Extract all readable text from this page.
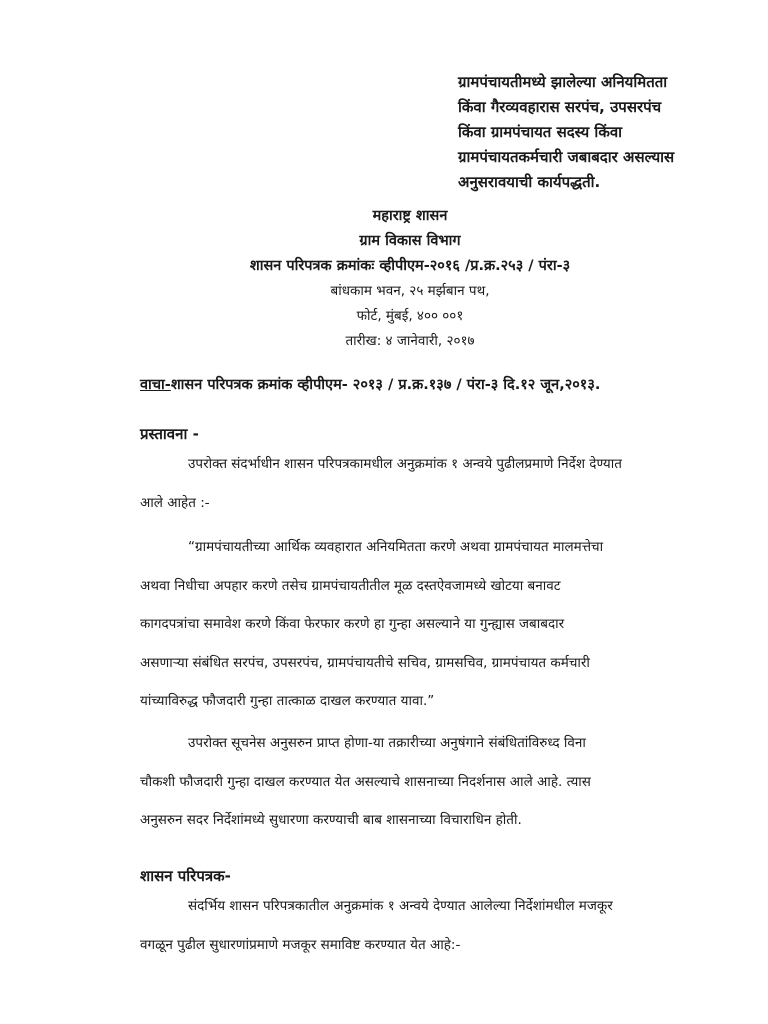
ग्रामपंचायतीमध्ये झालेल्या अनियमितता
किंवा गैरव्यवहारास सरपंच, उपसरपंच
किंवा ग्रामपंचायत सदस्य किंवा
ग्रामपंचायतकर्मचारी जबाबदार असल्यास
अनुसरावयाची कार्यपद्धती.
महाराष्ट्र शासन
ग्राम विकास विभाग
शासन परिपत्रक क्रमांकः व्हीपीएम-२०१६ /प्र.क्र.२५३ / पंरा-३
बांधकाम भवन, २५ मर्झबान पथ,
फोर्ट, मुंबई, ४०० ००१
तारीख: ४ जानेवारी, २०१७
वाचा-शासन परिपत्रक क्रमांक व्हीपीएम- २०१३ / प्र.क्र.१३७ / पंरा-३ दि.१२ जून,२०१३.
प्रस्तावना -
उपरोक्त संदर्भाधीन शासन परिपत्रकामधील अनुक्रमांक १ अन्वये पुढीलप्रमाणे निर्देश देण्यात
आले आहेत :-
“ग्रामपंचायतीच्या आर्थिक व्यवहारात अनियमितता करणे अथवा ग्रामपंचायत मालमत्तेचा
अथवा निधीचा अपहार करणे तसेच ग्रामपंचायतीतील मूळ दस्तऐवजामध्ये खोटया बनावट
कागदपत्रांचा समावेश करणे किंवा फेरफार करणे हा गुन्हा असल्याने या गुन्ह्यास जबाबदार
असणाऱ्या संबंधित सरपंच, उपसरपंच, ग्रामपंचायतीचे सचिव, ग्रामसचिव, ग्रामपंचायत कर्मचारी
यांच्याविरुद्ध फौजदारी गुन्हा तात्काळ दाखल करण्यात यावा.”
उपरोक्त सूचनेस अनुसरुन प्राप्त होणा-या तक्रारीच्या अनुषंगाने संबंधितांविरुध्द विना
चौकशी फौजदारी गुन्हा दाखल करण्यात येत असल्याचे शासनाच्या निदर्शनास आले आहे. त्यास
अनुसरुन सदर निर्देशांमध्ये सुधारणा करण्याची बाब शासनाच्या विचाराधिन होती.
शासन परिपत्रक-
संदर्भिय शासन परिपत्रकातील अनुक्रमांक १ अन्वये देण्यात आलेल्या निर्देशांमधील मजकूर
वगळून पुढील सुधारणांप्रमाणे मजकूर समाविष्ट करण्यात येत आहे:-
